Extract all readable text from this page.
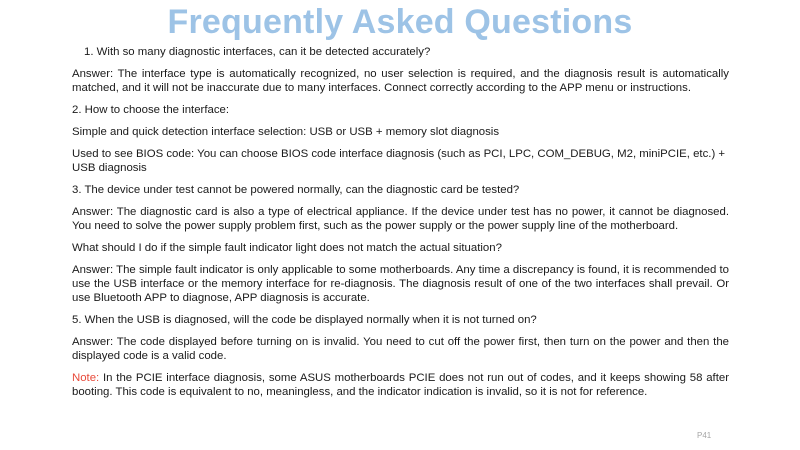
Frequently Asked Questions

1. With so many diagnostic interfaces, can it be detected accurately?

Answer: The interface type is automatically recognized, no user selection is required, and the diagnosis result is automatically matched, and it will not be inaccurate due to many interfaces. Connect correctly according to the APP menu or instructions.

2. How to choose the interface:

Simple and quick detection interface selection: USB or USB + memory slot diagnosis

Used to see BIOS code: You can choose BIOS code interface diagnosis (such as PCI, LPC, COM_DEBUG, M2, miniPCIE, etc.) + USB diagnosis

3. The device under test cannot be powered normally, can the diagnostic card be tested?

Answer: The diagnostic card is also a type of electrical appliance. If the device under test has no power, it cannot be diagnosed. You need to solve the power supply problem first, such as the power supply or the power supply line of the motherboard.

What should I do if the simple fault indicator light does not match the actual situation?

Answer: The simple fault indicator is only applicable to some motherboards. Any time a discrepancy is found, it is recommended to use the USB interface or the memory interface for re-diagnosis. The diagnosis result of one of the two interfaces shall prevail. Or use Bluetooth APP to diagnose, APP diagnosis is accurate.

5. When the USB is diagnosed, will the code be displayed normally when it is not turned on?

Answer: The code displayed before turning on is invalid. You need to cut off the power first, then turn on the power and then the displayed code is a valid code.

Note: In the PCIE interface diagnosis, some ASUS motherboards PCIE does not run out of codes, and it keeps showing 58 after booting. This code is equivalent to no, meaningless, and the indicator indication is invalid, so it is not for reference.

P41
